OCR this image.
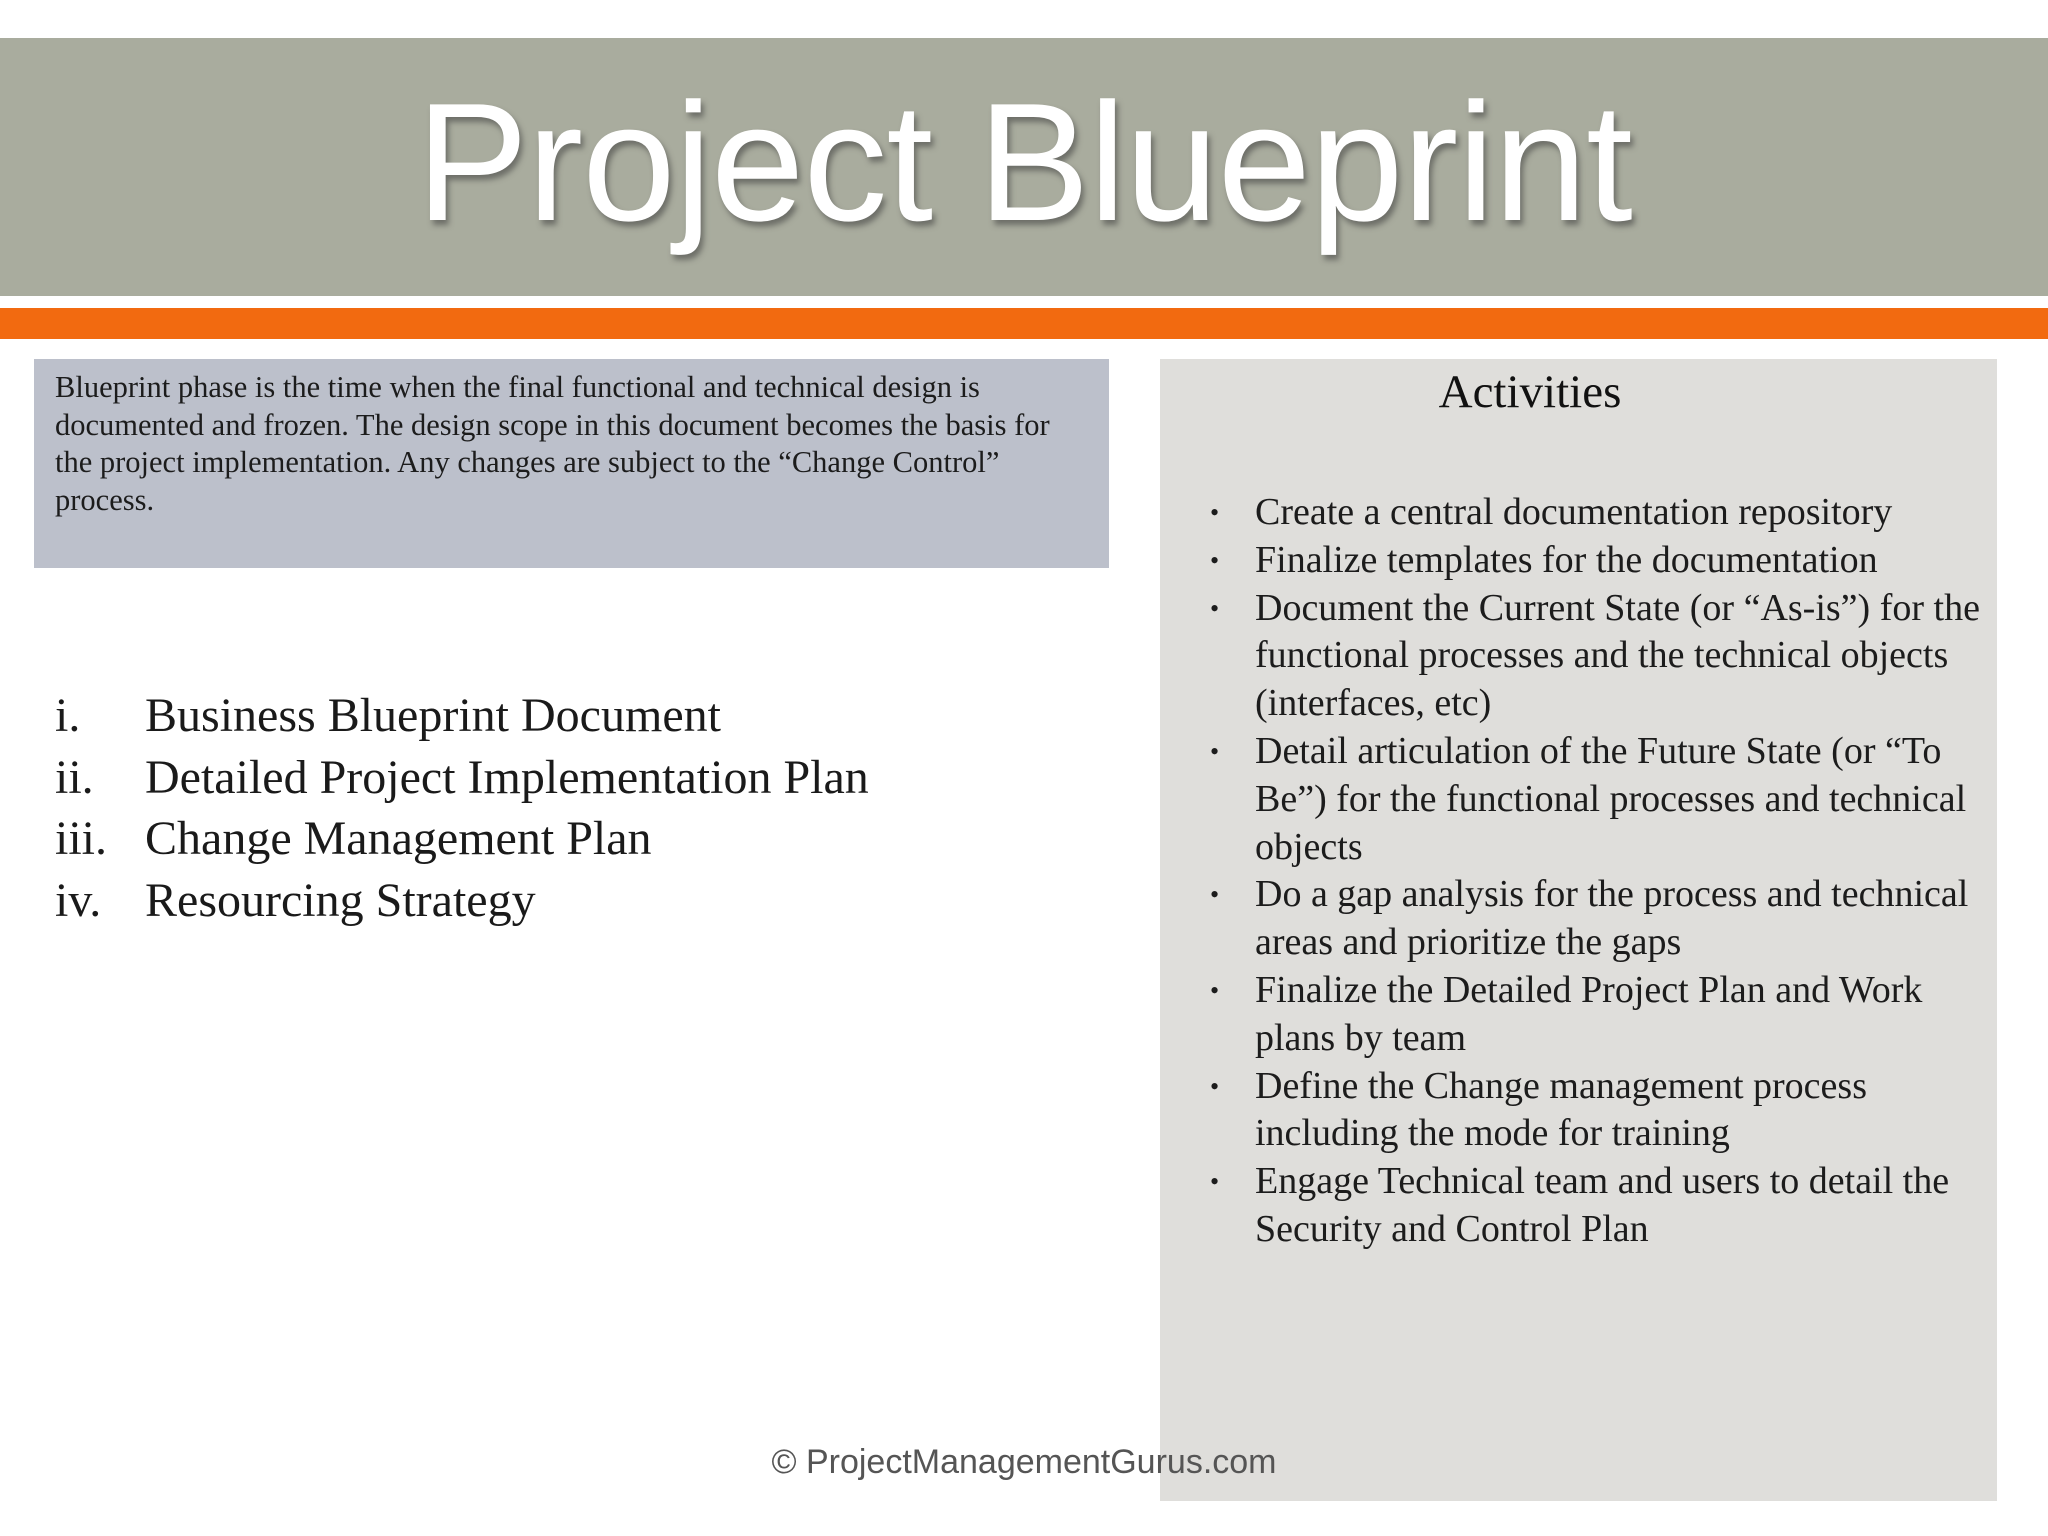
Project Blueprint
Blueprint phase is the time when the final functional and technical design is documented and frozen. The design scope in this document becomes the basis for the project implementation. Any changes are subject to the “Change Control” process.
i.	Business Blueprint Document
ii.	Detailed Project Implementation Plan
iii. Change Management Plan
iv. Resourcing Strategy
Activities
• Create a central documentation repository
• Finalize templates for the documentation
• Document the Current State (or “As-is”) for the functional processes and the technical objects (interfaces, etc)
• Detail articulation of the Future State (or “To Be”) for the functional processes and technical objects
• Do a gap analysis for the process and technical areas and prioritize the gaps
• Finalize the Detailed Project Plan and Work plans by team
• Define the Change management process including the mode for training
• Engage Technical team and users to detail the Security and Control Plan
© ProjectManagementGurus.com
